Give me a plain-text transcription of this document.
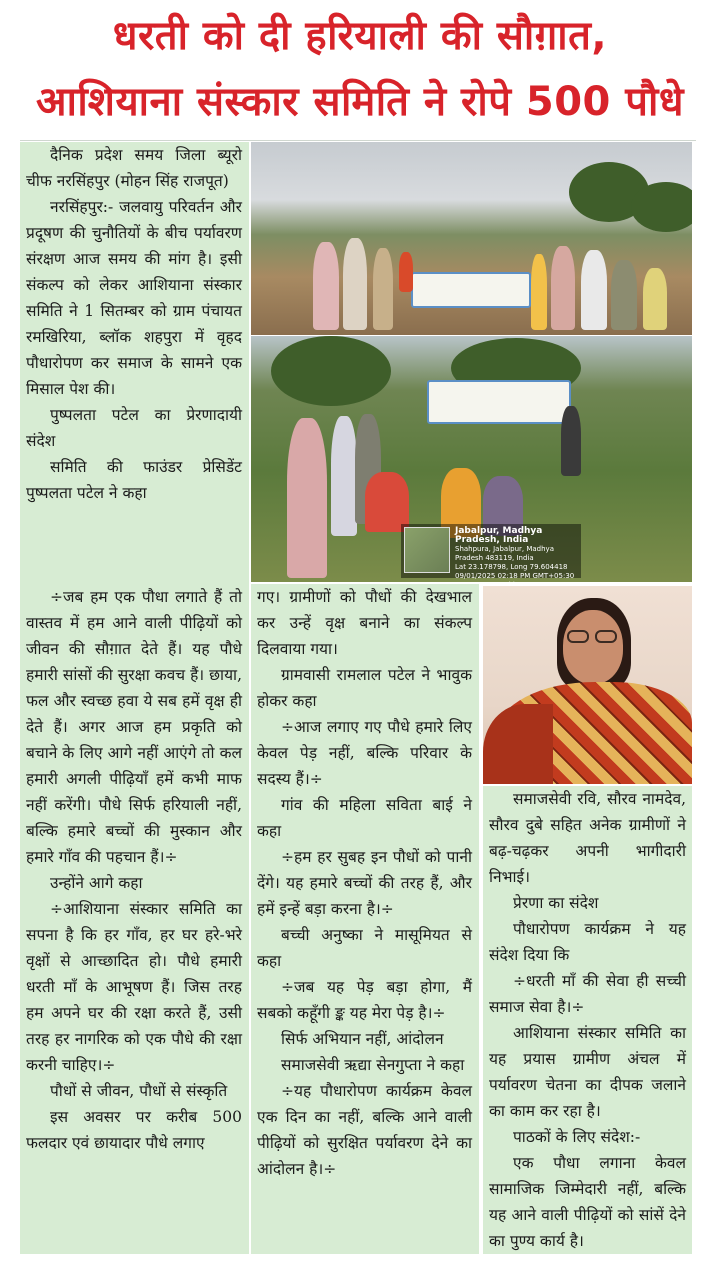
धरती को दी हरियाली की सौग़ात,
आशियाना संस्कार समिति ने रोपे 500 पौधे

दैनिक प्रदेश समय जिला ब्यूरो चीफ नरसिंहपुर (मोहन सिंह राजपूत)

नरसिंहपुर:- जलवायु परिवर्तन और प्रदूषण की चुनौतियों के बीच पर्यावरण संरक्षण आज समय की मांग है। इसी संकल्प को लेकर आशियाना संस्कार समिति ने 1 सितम्बर को ग्राम पंचायत रमखिरिया, ब्लॉक शहपुरा में वृहद पौधारोपण कर समाज के सामने एक मिसाल पेश की।

पुष्पलता पटेल का प्रेरणादायी संदेश

समिति की फाउंडर प्रेसिडेंट पुष्पलता पटेल ने कहा

÷जब हम एक पौधा लगाते हैं तो वास्तव में हम आने वाली पीढ़ियों को जीवन की सौग़ात देते हैं। यह पौधे हमारी सांसों की सुरक्षा कवच हैं। छाया, फल और स्वच्छ हवा ये सब हमें वृक्ष ही देते हैं। अगर आज हम प्रकृति को बचाने के लिए आगे नहीं आएंगे तो कल हमारी अगली पीढ़ियाँ हमें कभी माफ नहीं करेंगी। पौधे सिर्फ हरियाली नहीं, बल्कि हमारे बच्चों की मुस्कान और हमारे गाँव की पहचान हैं।÷

उन्होंने आगे कहा

÷आशियाना संस्कार समिति का सपना है कि हर गाँव, हर घर हरे-भरे वृक्षों से आच्छादित हो। पौधे हमारी धरती माँ के आभूषण हैं। जिस तरह हम अपने घर की रक्षा करते हैं, उसी तरह हर नागरिक को एक पौधे की रक्षा करनी चाहिए।÷

पौधों से जीवन, पौधों से संस्कृति

इस अवसर पर करीब 500 फलदार एवं छायादार पौधे लगाए

गए। ग्रामीणों को पौधों की देखभाल कर उन्हें वृक्ष बनाने का संकल्प दिलवाया गया।

ग्रामवासी रामलाल पटेल ने भावुक होकर कहा

÷आज लगाए गए पौधे हमारे लिए केवल पेड़ नहीं, बल्कि परिवार के सदस्य हैं।÷

गांव की महिला सविता बाई ने कहा

÷हम हर सुबह इन पौधों को पानी देंगे। यह हमारे बच्चों की तरह हैं, और हमें इन्हें बड़ा करना है।÷

बच्ची अनुष्का ने मासूमियत से कहा

÷जब यह पेड़ बड़ा होगा, मैं सबको कहूँगी ङ्क यह मेरा पेड़ है।÷

सिर्फ अभियान नहीं, आंदोलन

समाजसेवी ऋद्या सेनगुप्ता ने कहा

÷यह पौधारोपण कार्यक्रम केवल एक दिन का नहीं, बल्कि आने वाली पीढ़ियों को सुरक्षित पर्यावरण देने का आंदोलन है।÷

समाजसेवी रवि, सौरव नामदेव, सौरव दुबे सहित अनेक ग्रामीणों ने बढ़-चढ़कर अपनी भागीदारी निभाई।

प्रेरणा का संदेश

पौधारोपण कार्यक्रम ने यह संदेश दिया कि

÷धरती माँ की सेवा ही सच्ची समाज सेवा है।÷

आशियाना संस्कार समिति का यह प्रयास ग्रामीण अंचल में पर्यावरण चेतना का दीपक जलाने का काम कर रहा है।

पाठकों के लिए संदेश:-

एक पौधा लगाना केवल सामाजिक जिम्मेदारी नहीं, बल्कि यह आने वाली पीढ़ियों को सांसें देने का पुण्य कार्य है।

Jabalpur, Madhya Pradesh, India
Shahpura, Jabalpur, Madhya Pradesh 483119, India
Lat 23.178798, Long 79.604418
09/01/2025 02:18 PM GMT+05:30
